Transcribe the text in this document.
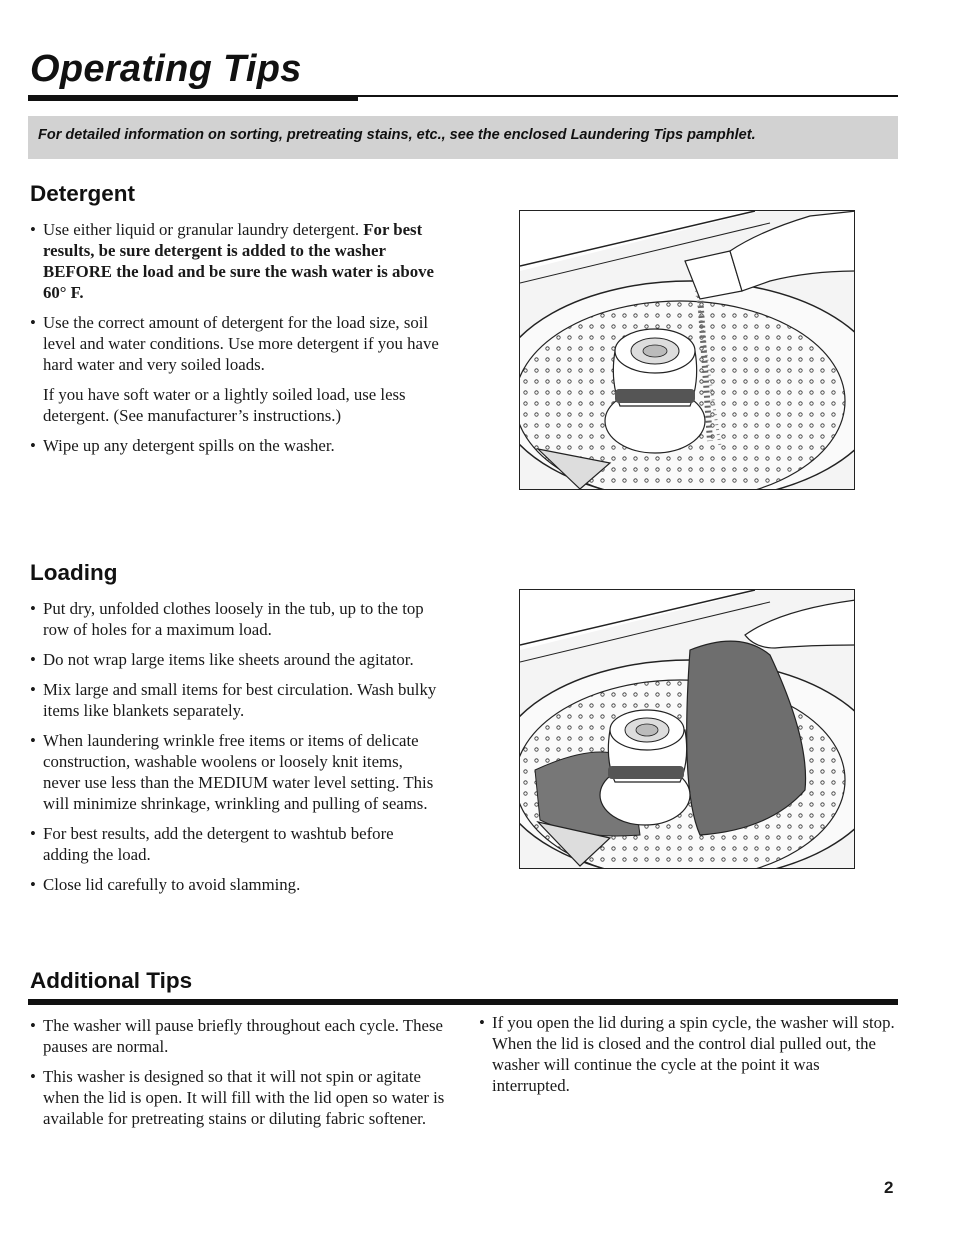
Operating Tips
For detailed information on sorting, pretreating stains, etc., see the enclosed Laundering Tips pamphlet.
Detergent
• Use either liquid or granular laundry detergent. For best results, be sure detergent is added to the washer BEFORE the load and be sure the wash water is above 60° F.
• Use the correct amount of detergent for the load size, soil level and water conditions. Use more detergent if you have hard water and very soiled loads.
If you have soft water or a lightly soiled load, use less detergent. (See manufacturer’s instructions.)
• Wipe up any detergent spills on the washer.
Loading
• Put dry, unfolded clothes loosely in the tub, up to the top row of holes for a maximum load.
• Do not wrap large items like sheets around the agitator.
• Mix large and small items for best circulation. Wash bulky items like blankets separately.
• When laundering wrinkle free items or items of delicate construction, washable woolens or loosely knit items, never use less than the MEDIUM water level setting. This will minimize shrinkage, wrinkling and pulling of seams.
• For best results, add the detergent to washtub before adding the load.
• Close lid carefully to avoid slamming.
Additional Tips
• The washer will pause briefly throughout each cycle. These pauses are normal.
• This washer is designed so that it will not spin or agitate when the lid is open. It will fill with the lid open so water is available for pretreating stains or diluting fabric softener.
• If you open the lid during a spin cycle, the washer will stop. When the lid is closed and the control dial pulled out, the washer will continue the cycle at the point it was interrupted.
2
